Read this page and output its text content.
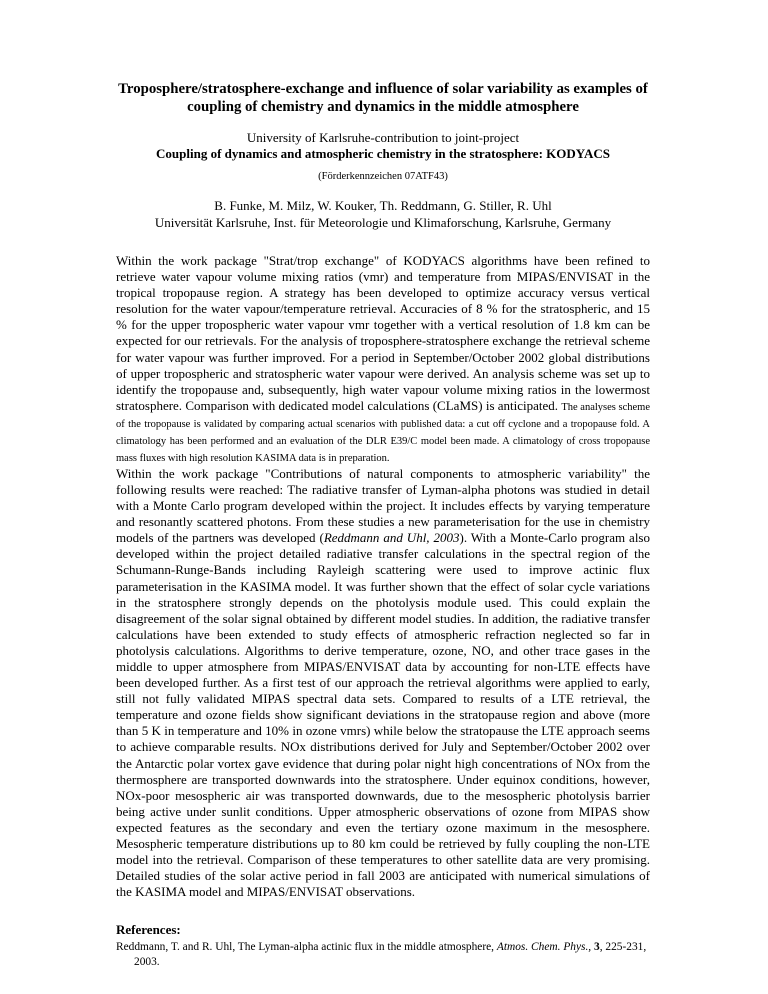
Troposphere/stratosphere-exchange and influence of solar variability as examples of
coupling of chemistry and dynamics in the middle atmosphere
University of Karlsruhe-contribution to joint-project
Coupling of dynamics and atmospheric chemistry in the stratosphere: KODYACS
(Förderkennzeichen 07ATF43)
B. Funke, M. Milz, W. Kouker, Th. Reddmann, G. Stiller, R. Uhl
Universität Karlsruhe, Inst. für Meteorologie und Klimaforschung, Karlsruhe, Germany

Within the work package "Strat/trop exchange" of KODYACS algorithms have been refined to retrieve water vapour volume mixing ratios (vmr) and temperature from MIPAS/ENVISAT in the tropical tropopause region. A strategy has been developed to optimize accuracy versus vertical resolution for the water vapour/temperature retrieval. Accuracies of 8 % for the stratospheric, and 15 % for the upper tropospheric water vapour vmr together with a vertical resolution of 1.8 km can be expected for our retrievals. For the analysis of troposphere-stratosphere exchange the retrieval scheme for water vapour was further improved. For a period in September/October 2002 global distributions of upper tropospheric and stratospheric water vapour were derived. An analysis scheme was set up to identify the tropopause and, subsequently, high water vapour volume mixing ratios in the lowermost stratosphere. Comparison with dedicated model calculations (CLaMS) is anticipated. The analyses scheme of the tropopause is validated by comparing actual scenarios with published data: a cut off cyclone and a tropopause fold. A climatology has been performed and an evaluation of the DLR E39/C model been made. A climatology of cross tropopause mass fluxes with high resolution KASIMA data is in preparation.

Within the work package "Contributions of natural components to atmospheric variability" the following results were reached: The radiative transfer of Lyman-alpha photons was studied in detail with a Monte Carlo program developed within the project. It includes effects by varying temperature and resonantly scattered photons. From these studies a new parameterisation for the use in chemistry models of the partners was developed (Reddmann and Uhl, 2003). With a Monte-Carlo program also developed within the project detailed radiative transfer calculations in the spectral region of the Schumann-Runge-Bands including Rayleigh scattering were used to improve actinic flux parameterisation in the KASIMA model. It was further shown that the effect of solar cycle variations in the stratosphere strongly depends on the photolysis module used. This could explain the disagreement of the solar signal obtained by different model studies. In addition, the radiative transfer calculations have been extended to study effects of atmospheric refraction neglected so far in photolysis calculations. Algorithms to derive temperature, ozone, NO, and other trace gases in the middle to upper atmosphere from MIPAS/ENVISAT data by accounting for non-LTE effects have been developed further. As a first test of our approach the retrieval algorithms were applied to early, still not fully validated MIPAS spectral data sets. Compared to results of a LTE retrieval, the temperature and ozone fields show significant deviations in the stratopause region and above (more than 5 K in temperature and 10% in ozone vmrs) while below the stratopause the LTE approach seems to achieve comparable results. NOx distributions derived for July and September/October 2002 over the Antarctic polar vortex gave evidence that during polar night high concentrations of NOx from the thermosphere are transported downwards into the stratosphere. Under equinox conditions, however, NOx-poor mesospheric air was transported downwards, due to the mesospheric photolysis barrier being active under sunlit conditions. Upper atmospheric observations of ozone from MIPAS show expected features as the secondary and even the tertiary ozone maximum in the mesosphere. Mesospheric temperature distributions up to 80 km could be retrieved by fully coupling the non-LTE model into the retrieval. Comparison of these temperatures to other satellite data are very promising. Detailed studies of the solar active period in fall 2003 are anticipated with numerical simulations of the KASIMA model and MIPAS/ENVISAT observations.

References:
Reddmann, T. and R. Uhl, The Lyman-alpha actinic flux in the middle atmosphere, Atmos. Chem. Phys., 3, 225-231, 2003.
